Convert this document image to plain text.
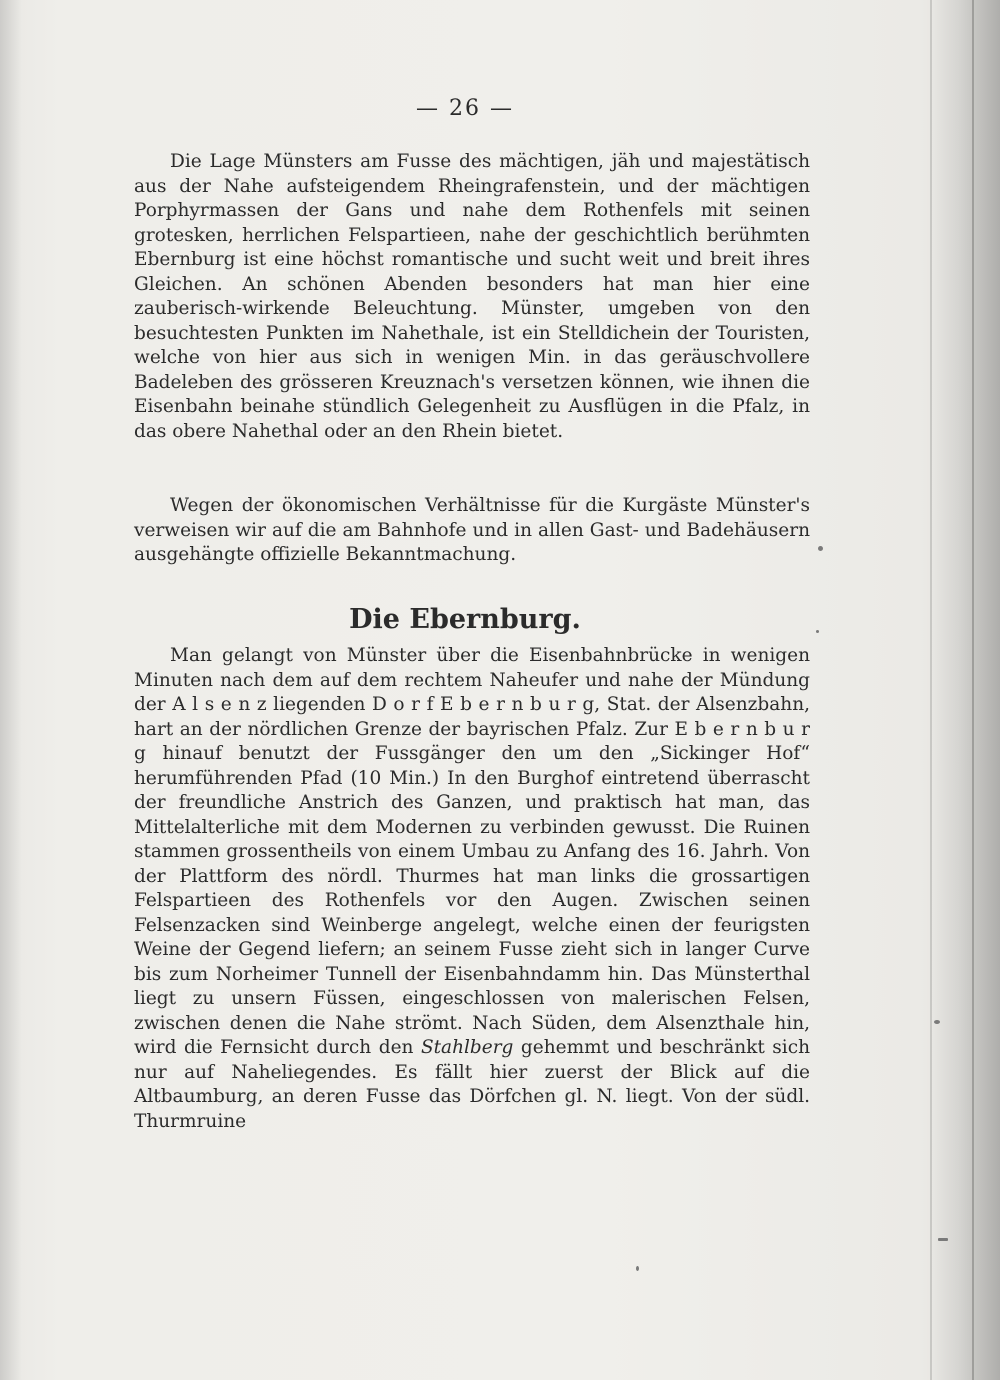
— 26 —

Die Lage Münsters am Fusse des mächtigen, jäh und majestätisch aus der Nahe aufsteigendem Rheingrafenstein, und der mächtigen Porphyrmassen der Gans und nahe dem Rothenfels mit seinen grotesken, herrlichen Felspartieen, nahe der geschichtlich berühmten Ebernburg ist eine höchst romantische und sucht weit und breit ihres Gleichen. An schönen Abenden besonders hat man hier eine zauberisch-wirkende Beleuchtung. Münster, umgeben von den besuchtesten Punkten im Nahethale, ist ein Stelldichein der Touristen, welche von hier aus sich in wenigen Min. in das geräuschvollere Badeleben des grösseren Kreuznach's versetzen können, wie ihnen die Eisenbahn beinahe stündlich Gelegenheit zu Ausflügen in die Pfalz, in das obere Nahethal oder an den Rhein bietet.

Wegen der ökonomischen Verhältnisse für die Kurgäste Münster's verweisen wir auf die am Bahnhofe und in allen Gast- und Badehäusern ausgehängte offizielle Bekanntmachung.

Die Ebernburg.

Man gelangt von Münster über die Eisenbahnbrücke in wenigen Minuten nach dem auf dem rechtem Naheufer und nahe der Mündung der A l s e n z liegenden D o r f E b e r n b u r g, Stat. der Alsenzbahn, hart an der nördlichen Grenze der bayrischen Pfalz. Zur E b e r n b u r g hinauf benutzt der Fussgänger den um den „Sickinger Hof“ herumführenden Pfad (10 Min.) In den Burghof eintretend überrascht der freundliche Anstrich des Ganzen, und praktisch hat man, das Mittelalterliche mit dem Modernen zu verbinden gewusst. Die Ruinen stammen grossentheils von einem Umbau zu Anfang des 16. Jahrh. Von der Plattform des nördl. Thurmes hat man links die grossartigen Felspartieen des Rothenfels vor den Augen. Zwischen seinen Felsenzacken sind Weinberge angelegt, welche einen der feurigsten Weine der Gegend liefern; an seinem Fusse zieht sich in langer Curve bis zum Norheimer Tunnell der Eisenbahndamm hin. Das Münsterthal liegt zu unsern Füssen, eingeschlossen von malerischen Felsen, zwischen denen die Nahe strömt. Nach Süden, dem Alsenzthale hin, wird die Fernsicht durch den Stahlberg gehemmt und beschränkt sich nur auf Naheliegendes. Es fällt hier zuerst der Blick auf die Altbaumburg, an deren Fusse das Dörfchen gl. N. liegt. Von der südl. Thurmruine
